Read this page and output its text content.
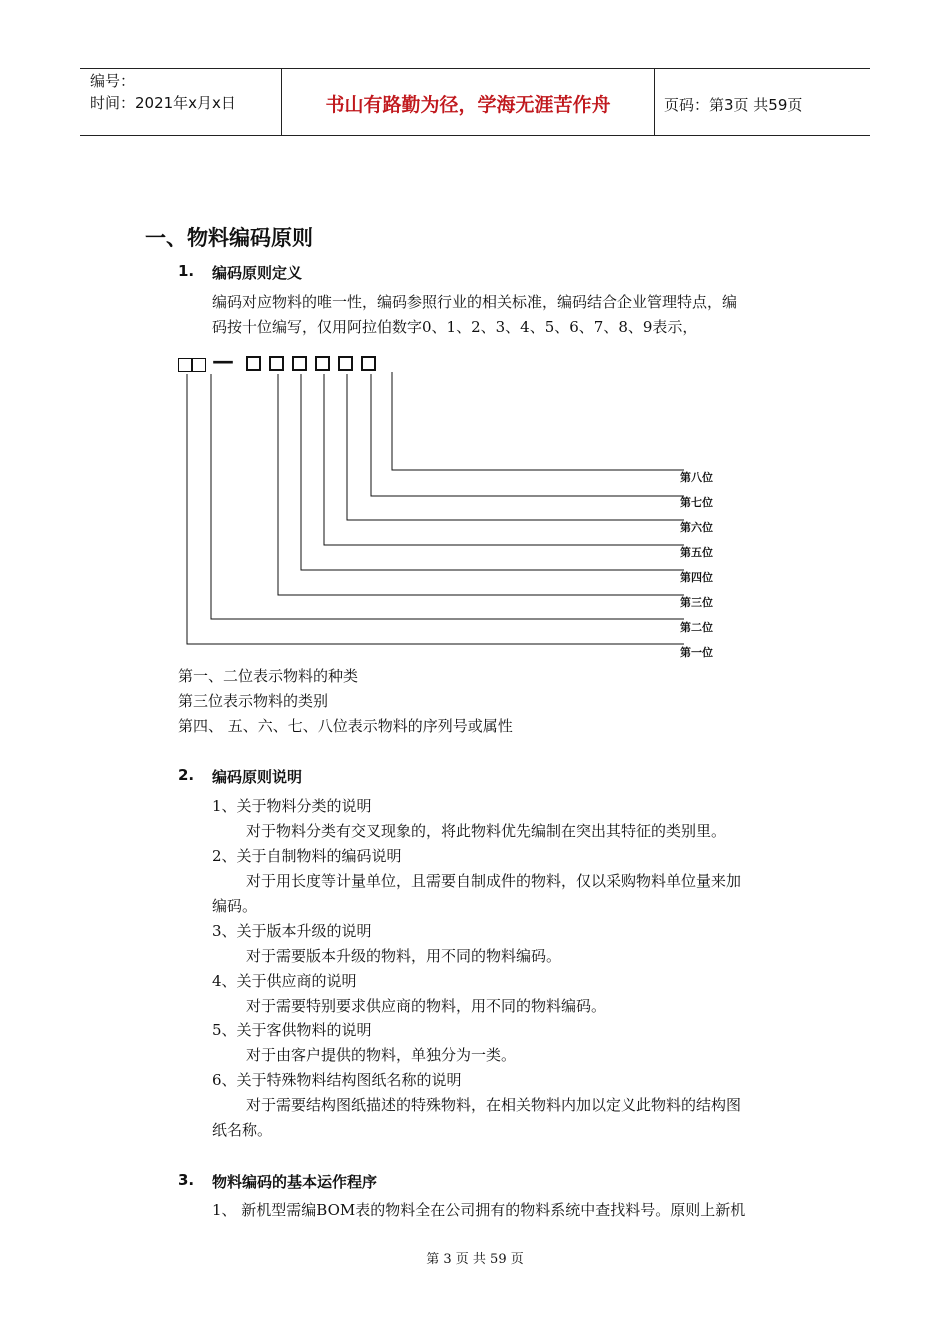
编号：
时间：2021年x月x日	书山有路勤为径，学海无涯苦作舟	页码：第3页 共59页
一、物料编码原则
1. 编码原则定义
编码对应物料的唯一性，编码参照行业的相关标准，编码结合企业管理特点，编
码按十位编写，仅用阿拉伯数字0、1、2、3、4、5、6、7、8、9表示，
—
第八位
第七位
第六位
第五位
第四位
第三位
第二位
第一位
第一、二位表示物料的种类
第三位表示物料的类别
第四、 五、六、七、八位表示物料的序列号或属性
2. 编码原则说明
1、关于物料分类的说明
对于物料分类有交叉现象的，将此物料优先编制在突出其特征的类别里。
2、关于自制物料的编码说明
对于用长度等计量单位，且需要自制成件的物料，仅以采购物料单位量来加
编码。
3、关于版本升级的说明
对于需要版本升级的物料，用不同的物料编码。
4、关于供应商的说明
对于需要特别要求供应商的物料，用不同的物料编码。
5、关于客供物料的说明
对于由客户提供的物料，单独分为一类。
6、关于特殊物料结构图纸名称的说明
对于需要结构图纸描述的特殊物料，在相关物料内加以定义此物料的结构图
纸名称。
3. 物料编码的基本运作程序
1、 新机型需编BOM表的物料全在公司拥有的物料系统中查找料号。原则上新机
第 3 页 共 59 页
